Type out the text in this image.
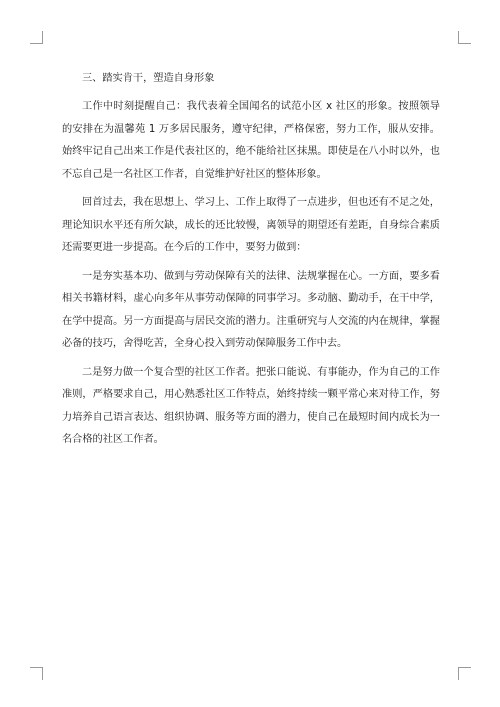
三、踏实肯干，塑造自身形象

工作中时刻提醒自己：我代表着全国闻名的试范小区 x 社区的形象。按照领导的安排在为温馨苑 1 万多居民服务，遵守纪律，严格保密，努力工作，服从安排。始终牢记自己出来工作是代表社区的，绝不能给社区抹黑。即使是在八小时以外，也不忘自己是一名社区工作者，自觉维护好社区的整体形象。

回首过去，我在思想上、学习上、工作上取得了一点进步，但也还有不足之处，理论知识水平还有所欠缺，成长的还比较慢，离领导的期望还有差距，自身综合素质还需要更进一步提高。在今后的工作中，要努力做到：

一是夯实基本功、做到与劳动保障有关的法律、法规掌握在心。一方面，要多看相关书籍材料，虚心向多年从事劳动保障的同事学习。多动脑、勤动手，在干中学，在学中提高。另一方面提高与居民交流的潜力。注重研究与人交流的内在规律，掌握必备的技巧，舍得吃苦，全身心投入到劳动保障服务工作中去。

二是努力做一个复合型的社区工作者。把张口能说、有事能办，作为自己的工作准则，严格要求自己，用心熟悉社区工作特点，始终持续一颗平常心来对待工作，努力培养自己语言表达、组织协调、服务等方面的潜力，使自己在最短时间内成长为一名合格的社区工作者。
